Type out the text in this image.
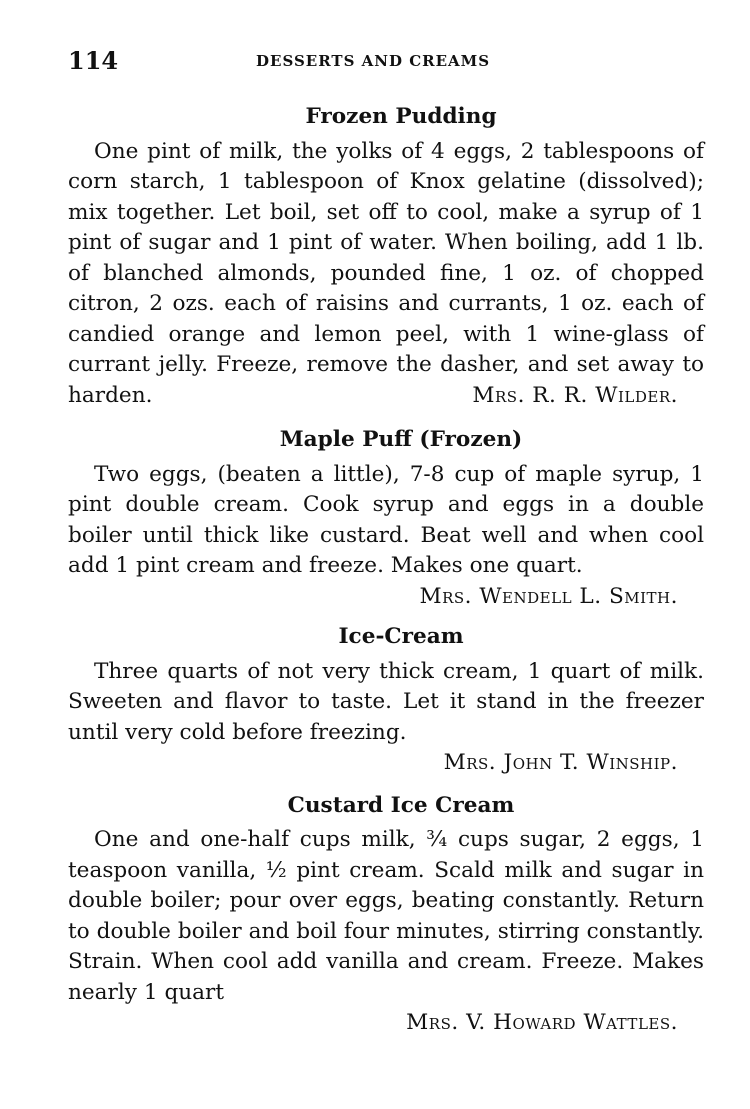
114	DESSERTS AND CREAMS
Frozen Pudding

One pint of milk, the yolks of 4 eggs, 2 tablespoons of corn starch, 1 tablespoon of Knox gelatine (dissolved); mix together. Let boil, set off to cool, make a syrup of 1 pint of sugar and 1 pint of water. When boiling, add 1 lb. of blanched almonds, pounded fine, 1 oz. of chopped citron, 2 ozs. each of raisins and currants, 1 oz. each of candied orange and lemon peel, with 1 wine-glass of currant jelly. Freeze, remove the dasher, and set away to harden.	Mrs. R. R. Wilder.

Maple Puff (Frozen)

Two eggs, (beaten a little), 7-8 cup of maple syrup, 1 pint double cream. Cook syrup and eggs in a double boiler until thick like custard. Beat well and when cool add 1 pint cream and freeze. Makes one quart.

Mrs. Wendell L. Smith.

Ice-Cream

Three quarts of not very thick cream, 1 quart of milk. Sweeten and flavor to taste. Let it stand in the freezer until very cold before freezing.

Mrs. John T. Winship.

Custard Ice Cream

One and one-half cups milk, ¾ cups sugar, 2 eggs, 1 teaspoon vanilla, ½ pint cream. Scald milk and sugar in double boiler; pour over eggs, beating constantly. Return to double boiler and boil four minutes, stirring constantly. Strain. When cool add vanilla and cream. Freeze. Makes nearly 1 quart

Mrs. V. Howard Wattles.
